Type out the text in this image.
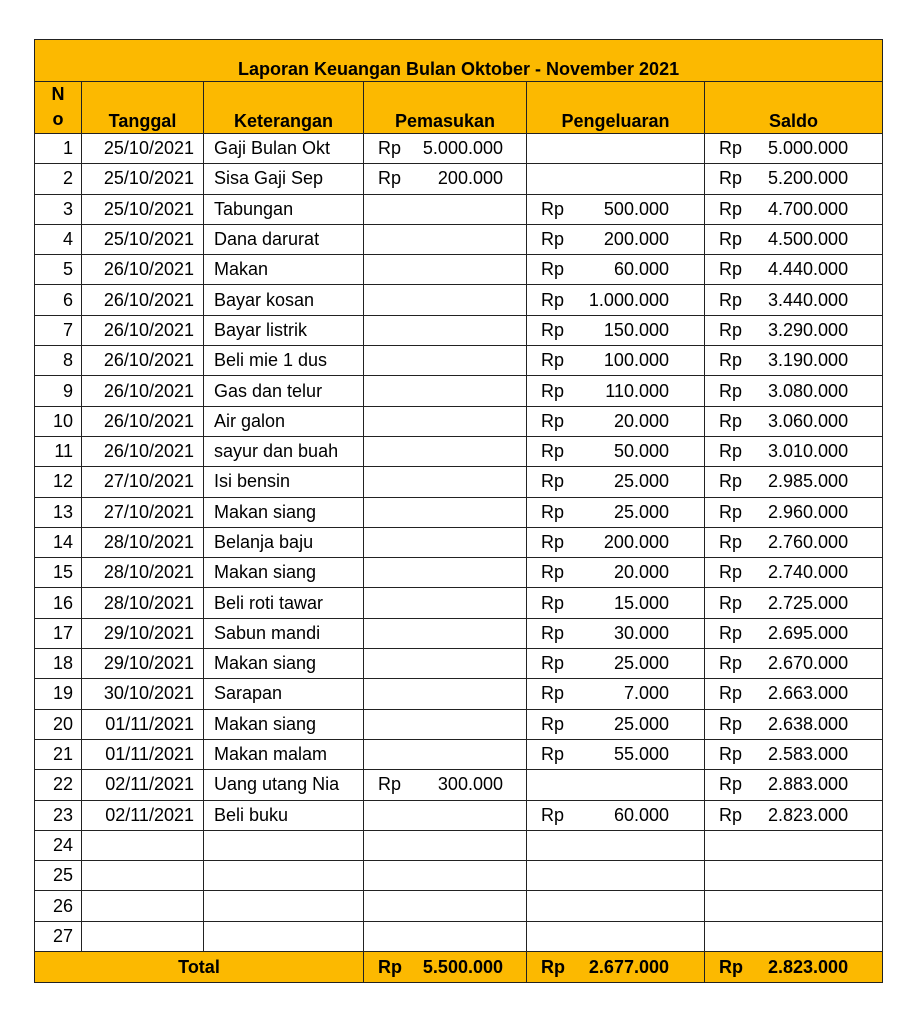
Laporan Keuangan Bulan Oktober - November 2021					
N
o	Tanggal	Keterangan	Pemasukan	Pengeluaran	Saldo
1	25/10/2021	Gaji Bulan Okt	Rp 5.000.000		Rp 5.000.000

2	25/10/2021	Sisa Gaji Sep	Rp 200.000		Rp 5.200.000

3	25/10/2021	Tabungan		Rp 500.000	Rp 4.700.000

4	25/10/2021	Dana darurat		Rp 200.000	Rp 4.500.000

5	26/10/2021	Makan		Rp 60.000	Rp 4.440.000

6	26/10/2021	Bayar kosan		Rp 1.000.000	Rp 3.440.000

7	26/10/2021	Bayar listrik		Rp 150.000	Rp 3.290.000

8	26/10/2021	Beli mie 1 dus		Rp 100.000	Rp 3.190.000

9	26/10/2021	Gas dan telur		Rp 110.000	Rp 3.080.000

10	26/10/2021	Air galon		Rp 20.000	Rp 3.060.000

11	26/10/2021	sayur dan buah		Rp 50.000	Rp 3.010.000

12	27/10/2021	Isi bensin		Rp 25.000	Rp 2.985.000

13	27/10/2021	Makan siang		Rp 25.000	Rp 2.960.000

14	28/10/2021	Belanja baju		Rp 200.000	Rp 2.760.000

15	28/10/2021	Makan siang		Rp 20.000	Rp 2.740.000

16	28/10/2021	Beli roti tawar		Rp 15.000	Rp 2.725.000

17	29/10/2021	Sabun mandi		Rp 30.000	Rp 2.695.000

18	29/10/2021	Makan siang		Rp 25.000	Rp 2.670.000

19	30/10/2021	Sarapan		Rp 7.000	Rp 2.663.000

20	01/11/2021	Makan siang		Rp 25.000	Rp 2.638.000

21	01/11/2021	Makan malam		Rp 55.000	Rp 2.583.000

22	02/11/2021	Uang utang Nia	Rp 300.000		Rp 2.883.000

23	02/11/2021	Beli buku		Rp 60.000	Rp 2.823.000

24					
25					
26					
27					
Total			Rp 5.500.000	Rp 2.677.000	Rp 2.823.000
